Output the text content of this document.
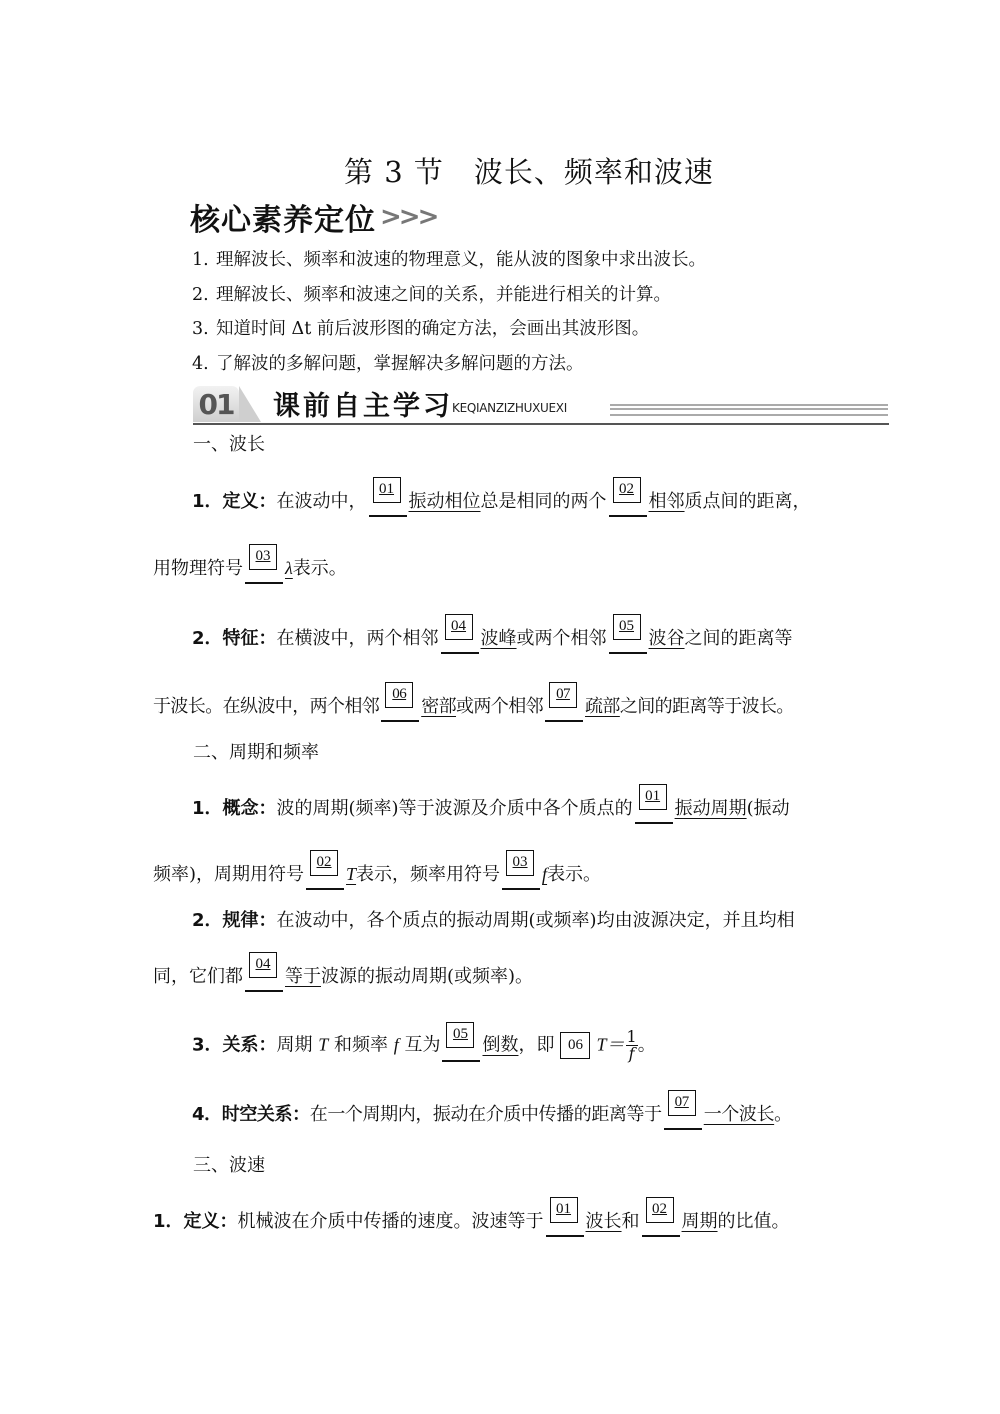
第 3 节　波长、频率和波速
核心素养定位 >>>
1. 理解波长、频率和波速的物理意义，能从波的图象中求出波长。
2. 理解波长、频率和波速之间的关系，并能进行相关的计算。
3. 知道时间 Δt 前后波形图的确定方法，会画出其波形图。
4. 了解波的多解问题，掌握解决多解问题的方法。
01 课前自主学习 KEQIANZIZHUXUEXI
一、波长
1．定义：在波动中，
01
振动相位总是相同的两个
02
相邻质点间的距离，
用物理符号
03
λ表示。
2．特征：在横波中，两个相邻
04
波峰或两个相邻
05
波谷之间的距离等
于波长。在纵波中，两个相邻
06
密部或两个相邻
07
疏部之间的距离等于波长。
二、周期和频率
1．概念：波的周期(频率)等于波源及介质中各个质点的
01
振动周期(振动
频率)，周期用符号
02
T表示，频率用符号
03
f表示。
2．规律：在波动中，各个质点的振动周期(或频率)均由波源决定，并且均相
同，它们都
04
等于波源的振动周期(或频率)。
3．关系：周期 T 和频率 f 互为
05
倒数，即 06 $T= \frac{1}{f}$ 。
4．时空关系：在一个周期内，振动在介质中传播的距离等于
07
一个波长。
三、波速
1．定义：机械波在介质中传播的速度。波速等于
01
波长和
02
周期的比值。
